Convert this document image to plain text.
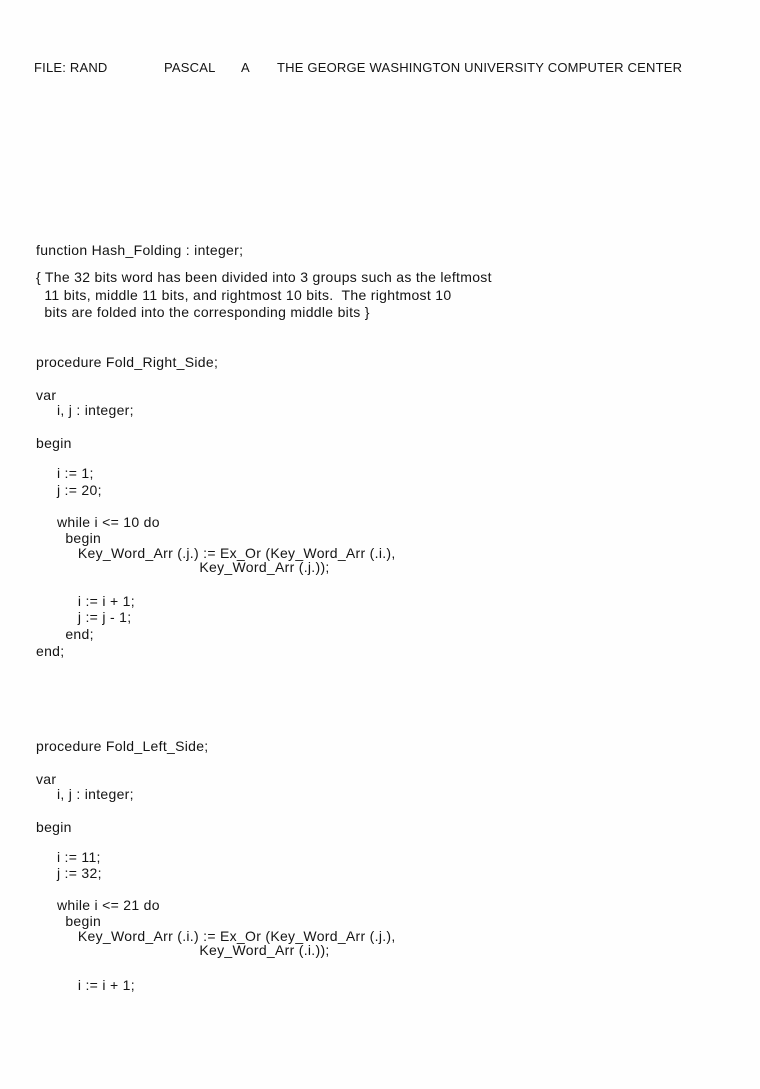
FILE: RAND

	PASCAL

A

THE GEORGE WASHINGTON UNIVERSITY COMPUTER CENTER

function Hash_Folding : integer;
{ The 32 bits word has been divided into 3 groups such as the leftmost
11 bits, middle 11 bits, and rightmost 10 bits.  The rightmost 10
bits are folded into the corresponding middle bits }
procedure Fold_Right_Side;
var
i, j : integer;
begin
i := 1;
j := 20;
while i <= 10 do
begin
Key_Word_Arr (.j.) := Ex_Or (Key_Word_Arr (.i.),
Key_Word_Arr (.j.));
i := i + 1;
j := j - 1;
end;
end;
procedure Fold_Left_Side;
var
i, j : integer;
begin
i := 11;
j := 32;
while i <= 21 do
begin
Key_Word_Arr (.i.) := Ex_Or (Key_Word_Arr (.j.),
Key_Word_Arr (.i.));
i := i + 1;
